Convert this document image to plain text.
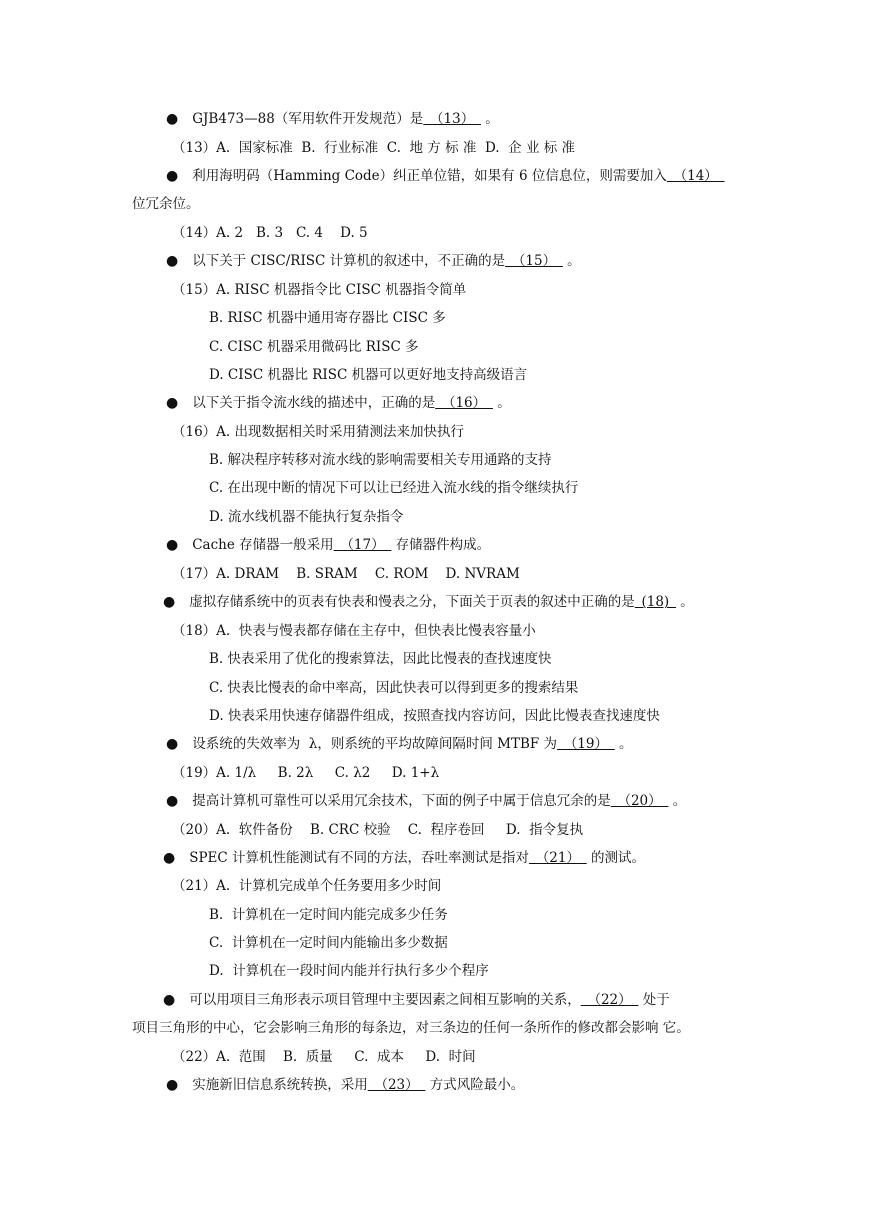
● GJB473—88（军用软件开发规范）是 （13）  。
（13）A.  国家标准  B.  行业标准  C.  地 方 标 准  D.  企 业 标 准
● 利用海明码（Hamming Code）纠正单位错，如果有 6 位信息位，则需要加入 （14） 
位冗余位。
（14）A. 2   B. 3   C. 4    D. 5
● 以下关于 CISC/RISC 计算机的叙述中，不正确的是 （15）  。
（15）A. RISC 机器指令比 CISC 机器指令简单
B. RISC 机器中通用寄存器比 CISC 多
C. CISC 机器采用微码比 RISC 多
D. CISC 机器比 RISC 机器可以更好地支持高级语言
● 以下关于指令流水线的描述中，正确的是 （16）  。
（16）A. 出现数据相关时采用猜测法来加快执行
B. 解决程序转移对流水线的影响需要相关专用通路的支持
C. 在出现中断的情况下可以让已经进入流水线的指令继续执行
D. 流水线机器不能执行复杂指令
● Cache 存储器一般采用 （17）  存储器件构成。
（17）A. DRAM    B. SRAM    C. ROM    D. NVRAM
● 虚拟存储系统中的页表有快表和慢表之分，下面关于页表的叙述中正确的是 (18)  。
（18）A.  快表与慢表都存储在主存中，但快表比慢表容量小
B. 快表采用了优化的搜索算法，因此比慢表的查找速度快
C. 快表比慢表的命中率高，因此快表可以得到更多的搜索结果
D. 快表采用快速存储器件组成，按照查找内容访问，因此比慢表查找速度快
● 设系统的失效率为  λ，则系统的平均故障间隔时间 MTBF 为 （19）  。
（19）A. 1/λ     B. 2λ     C. λ2     D. 1+λ
● 提高计算机可靠性可以采用冗余技术，下面的例子中属于信息冗余的是 （20）  。
（20）A.  软件备份    B. CRC 校验    C.  程序卷回     D.  指令复执
● SPEC 计算机性能测试有不同的方法，吞吐率测试是指对 （21）  的测试。
（21）A.  计算机完成单个任务要用多少时间
B.  计算机在一定时间内能完成多少任务
C.  计算机在一定时间内能输出多少数据
D.  计算机在一段时间内能并行执行多少个程序
● 可以用项目三角形表示项目管理中主要因素之间相互影响的关系， （22）  处于
项目三角形的中心，它会影响三角形的每条边，对三条边的任何一条所作的修改都会影响 它。
（22）A.  范围    B.  质量     C.  成本     D.  时间
● 实施新旧信息系统转换，采用 （23）  方式风险最小。
